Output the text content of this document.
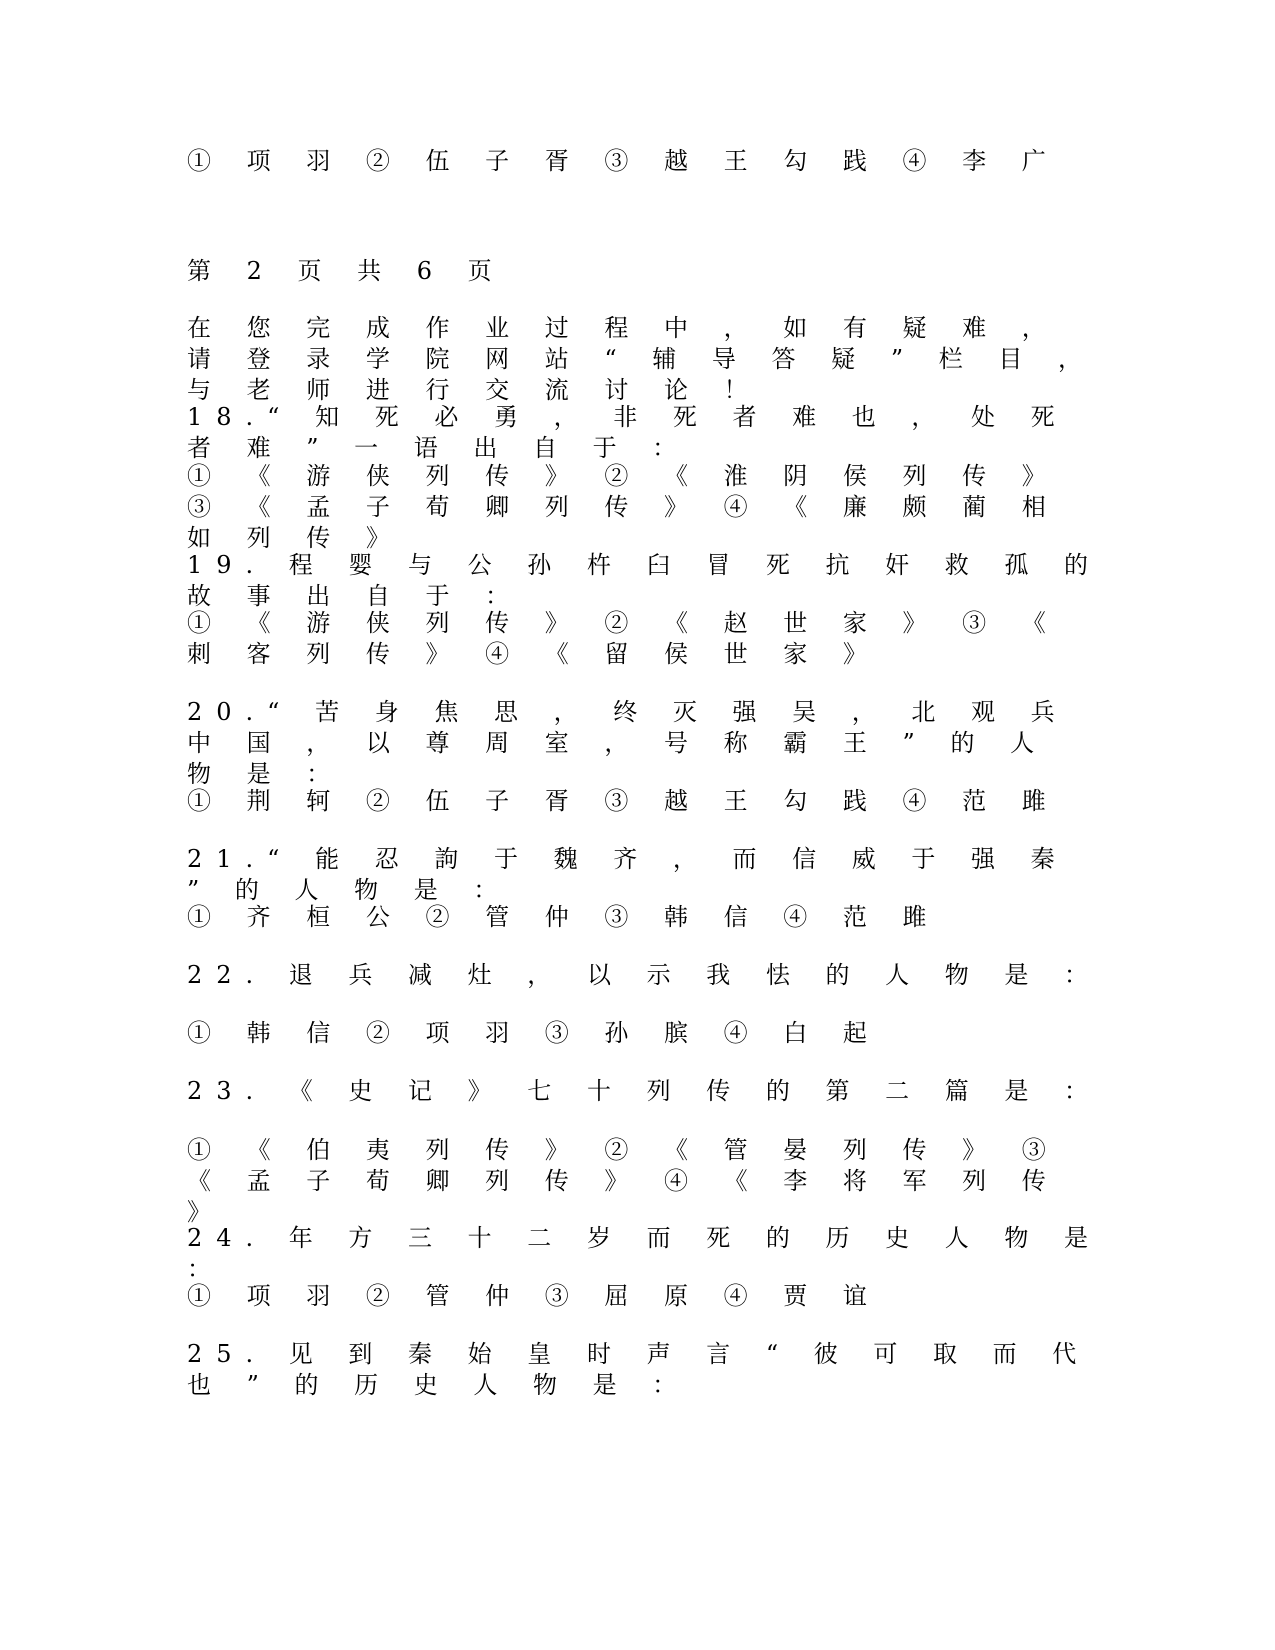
① 项 羽 ② 伍 子 胥 ③ 越 王 勾 践 ④ 李 广
第 2 页 共 6 页
在 您 完 成 作 业 过 程 中 ， 如 有 疑 难 ， 请 登 录 学 院 网 站 “ 辅 导 答 疑 ” 栏 目 ， 与 老 师 进 行 交 流 讨 论 ！
18.“ 知 死 必 勇 ， 非 死 者 难 也 ， 处 死 者 难 ” 一 语 出 自 于 ：
① 《 游 侠 列 传 》 ② 《 淮 阴 侯 列 传 》 ③ 《 孟 子 荀 卿 列 传 》 ④ 《 廉 颇 蔺 相 如 列 传 》
19. 程 婴 与 公 孙 杵 臼 冒 死 抗 奸 救 孤 的 故 事 出 自 于 ：
① 《 游 侠 列 传 》 ② 《 赵 世 家 》 ③ 《 刺 客 列 传 》 ④ 《 留 侯 世 家 》
20.“ 苦 身 焦 思 ， 终 灭 强 吴 ， 北 观 兵 中 国 ， 以 尊 周 室 ， 号 称 霸 王 ” 的 人 物 是 ：
① 荆 轲 ② 伍 子 胥 ③ 越 王 勾 践 ④ 范 雎
21.“ 能 忍 訽 于 魏 齐 ， 而 信 威 于 强 秦 ” 的 人 物 是 ：
① 齐 桓 公 ② 管 仲 ③ 韩 信 ④ 范 雎
22. 退 兵 减 灶 ， 以 示 我 怯 的 人 物 是 ：
① 韩 信 ② 项 羽 ③ 孙 膑 ④ 白 起
23. 《 史 记 》 七 十 列 传 的 第 二 篇 是 ：
① 《 伯 夷 列 传 》 ② 《 管 晏 列 传 》 ③ 《 孟 子 荀 卿 列 传 》 ④ 《 李 将 军 列 传 》
24. 年 方 三 十 二 岁 而 死 的 历 史 人 物 是 ：
① 项 羽 ② 管 仲 ③ 屈 原 ④ 贾 谊
25. 见 到 秦 始 皇 时 声 言 “ 彼 可 取 而 代 也 ” 的 历 史 人 物 是 ：
